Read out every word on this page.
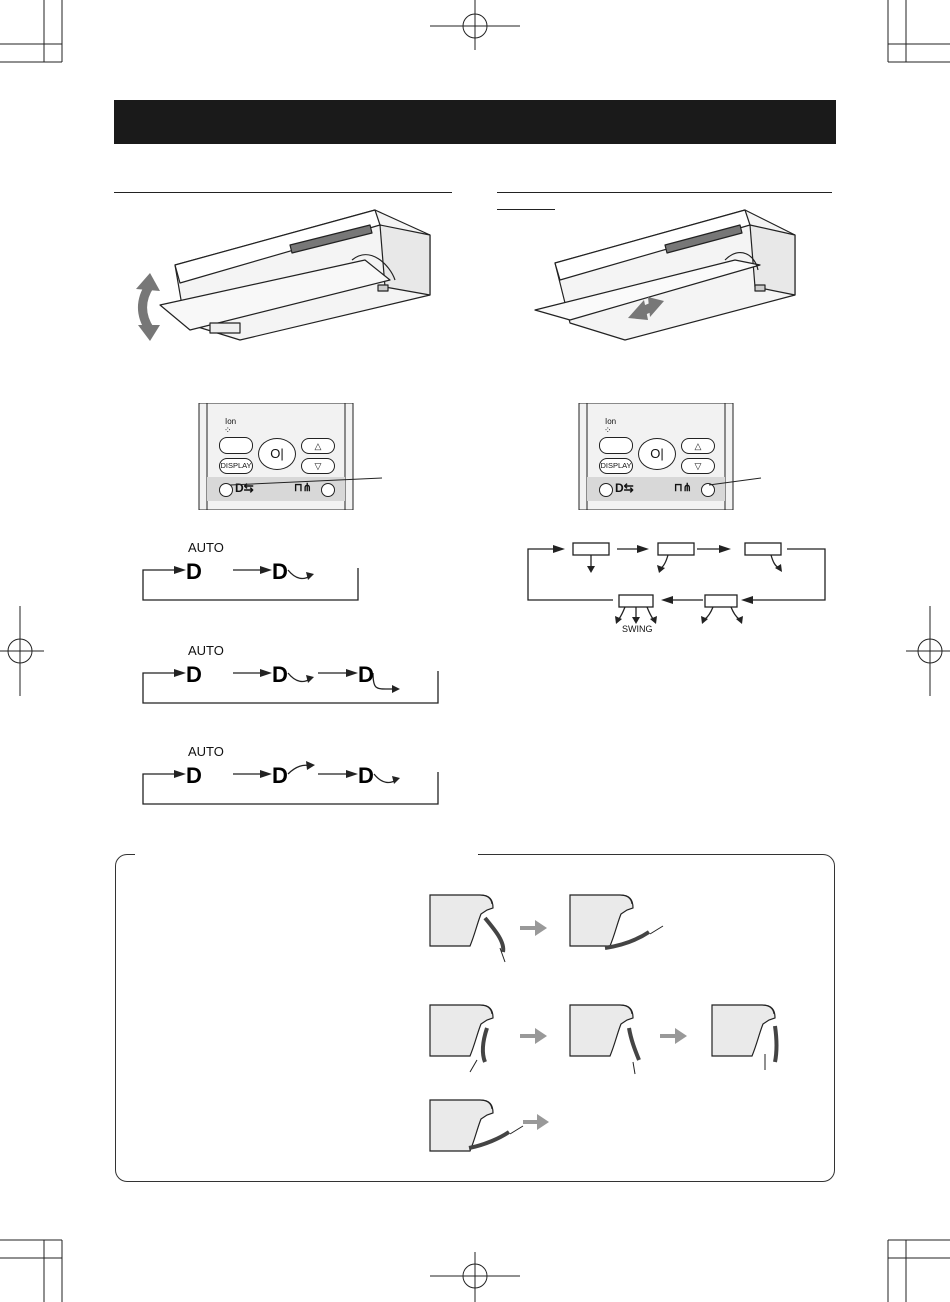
Ion
⁘
DISPLAY
O|	△
▽
D⇆	⊓⋔
Ion
⁘
DISPLAY
O|	△
▽
D⇆	⊓⋔
D	D
AUTO
D	D	D
AUTO
D	D	D
AUTO
SWING
